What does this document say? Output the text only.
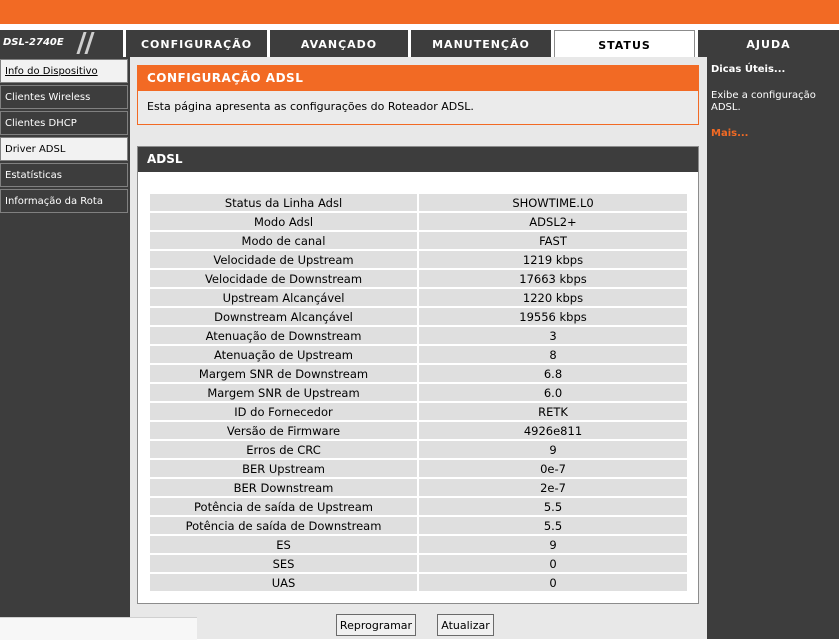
DSL-2740E	CONFIGURAÇÃO	AVANÇADO	MANUTENÇÃO	STATUS	AJUDA
Info do Dispositivo
Clientes Wireless
Clientes DHCP
Driver ADSL
Estatísticas
Informação da Rota
CONFIGURAÇÃO ADSL
Esta página apresenta as configurações do Roteador ADSL.
ADSL
Status da Linha Adsl	SHOWTIME.L0
Modo Adsl	ADSL2+
Modo de canal	FAST
Velocidade de Upstream	1219 kbps
Velocidade de Downstream	17663 kbps
Upstream Alcançável	1220 kbps
Downstream Alcançável	19556 kbps
Atenuação de Downstream	3
Atenuação de Upstream	8
Margem SNR de Downstream	6.8
Margem SNR de Upstream	6.0
ID do Fornecedor	RETK
Versão de Firmware	4926e811
Erros de CRC	9
BER Upstream	0e-7
BER Downstream	2e-7
Potência de saída de Upstream	5.5
Potência de saída de Downstream	5.5
ES	9
SES	0
UAS	0
Reprogramar	Atualizar
Dicas Úteis...
Exibe a configuração ADSL.
Mais...
